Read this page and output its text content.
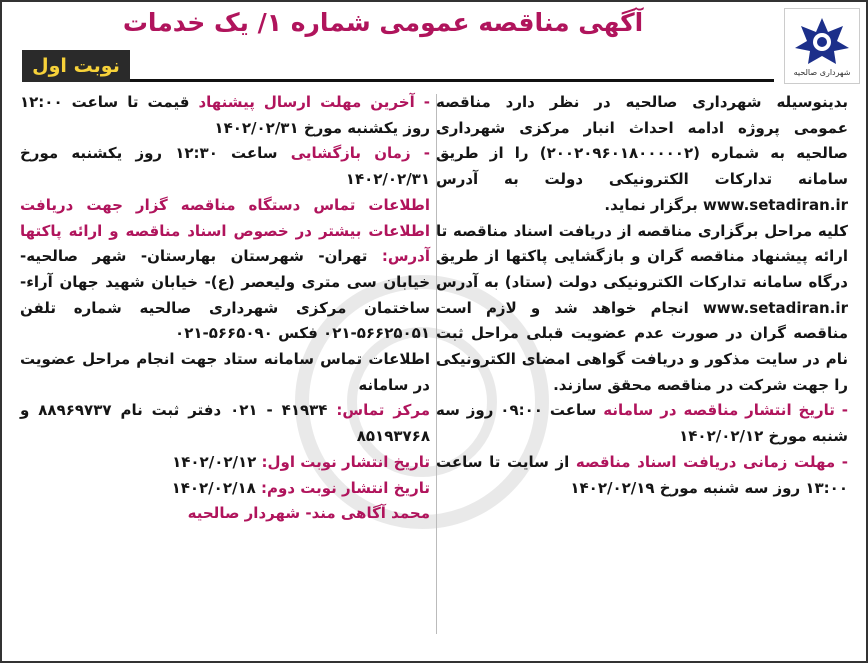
شهرداری صالحیه
آگهی مناقصه عمومی شماره ۱/ یک خدمات
نوبت اول

بدینوسیله شهرداری صالحیه در نظر دارد مناقصه عمومی پروژه ادامه احداث انبار مرکزی شهرداری صالحیه به شماره (۲۰۰۲۰۹۶۰۱۸۰۰۰۰۰۲) را از طریق سامانه تدارکات الکترونیکی دولت به آدرس www.setadiran.ir برگزار نماید.

کلیه مراحل برگزاری مناقصه از دریافت اسناد مناقصه تا ارائه پیشنهاد مناقصه گران و بازگشایی پاکتها از طریق درگاه سامانه تدارکات الکترونیکی دولت (ستاد) به آدرس www.setadiran.ir انجام خواهد شد و لازم است مناقصه گران در صورت عدم عضویت قبلی مراحل ثبت نام در سایت مذکور و دریافت گواهی امضای الکترونیکی را جهت شرکت در مناقصه محقق سازند.

- تاریخ انتشار مناقصه در سامانه ساعت ۰۹:۰۰ روز سه شنبه مورخ ۱۴۰۲/۰۲/۱۲

- مهلت زمانی دریافت اسناد مناقصه از سایت تا ساعت ۱۳:۰۰ روز سه شنبه مورخ ۱۴۰۲/۰۲/۱۹

- آخرین مهلت ارسال پیشنهاد قیمت تا ساعت ۱۲:۰۰ روز یکشنبه مورخ ۱۴۰۲/۰۲/۳۱

- زمان بازگشایی ساعت ۱۲:۳۰ روز یکشنبه مورخ ۱۴۰۲/۰۲/۳۱

اطلاعات تماس دستگاه مناقصه گزار جهت دریافت اطلاعات بیشتر در خصوص اسناد مناقصه و ارائه پاکتها آدرس: تهران- شهرستان بهارستان- شهر صالحیه- خیابان سی متری ولیعصر (ع)- خیابان شهید جهان آراء- ساختمان مرکزی شهرداری صالحیه شماره تلفن ۵۶۶۲۵۰۵۱-۰۲۱ فکس ۵۶۶۵۰۹۰-۰۲۱

اطلاعات تماس سامانه ستاد جهت انجام مراحل عضویت در سامانه

مرکز تماس: ۴۱۹۳۴ - ۰۲۱ دفتر ثبت نام ۸۸۹۶۹۷۳۷ و ۸۵۱۹۳۷۶۸

تاریخ انتشار نوبت اول: ۱۴۰۲/۰۲/۱۲

تاریخ انتشار نوبت دوم: ۱۴۰۲/۰۲/۱۸

محمد آگاهی مند- شهردار صالحیه
